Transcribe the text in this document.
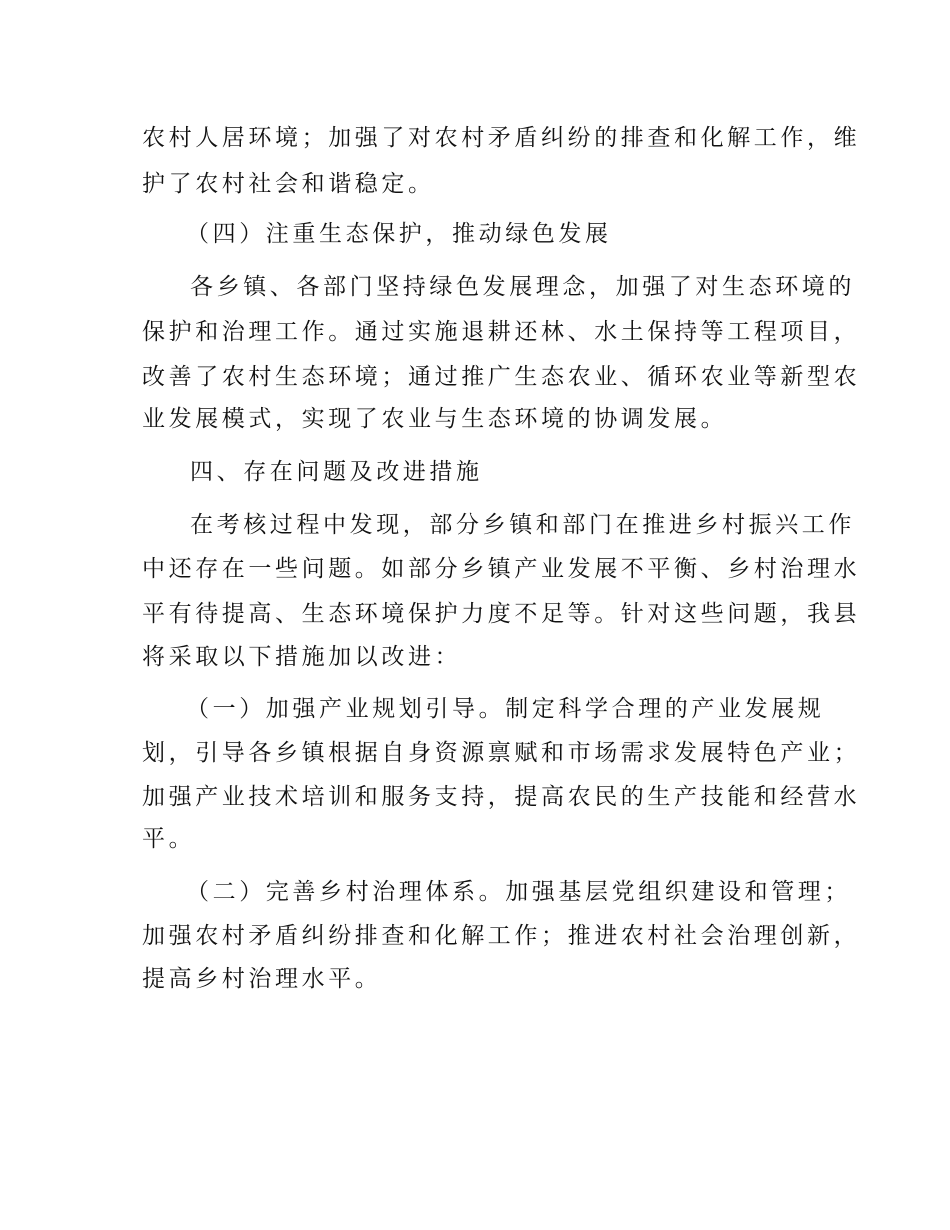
农村人居环境；加强了对农村矛盾纠纷的排查和化解工作，维
护了农村社会和谐稳定。
（四）注重生态保护，推动绿色发展
各乡镇、各部门坚持绿色发展理念，加强了对生态环境的
保护和治理工作。通过实施退耕还林、水土保持等工程项目，
改善了农村生态环境；通过推广生态农业、循环农业等新型农
业发展模式，实现了农业与生态环境的协调发展。
四、存在问题及改进措施
在考核过程中发现，部分乡镇和部门在推进乡村振兴工作
中还存在一些问题。如部分乡镇产业发展不平衡、乡村治理水
平有待提高、生态环境保护力度不足等。针对这些问题，我县
将采取以下措施加以改进：
（一）加强产业规划引导。制定科学合理的产业发展规
划，引导各乡镇根据自身资源禀赋和市场需求发展特色产业；
加强产业技术培训和服务支持，提高农民的生产技能和经营水
平。
（二）完善乡村治理体系。加强基层党组织建设和管理；
加强农村矛盾纠纷排查和化解工作；推进农村社会治理创新，
提高乡村治理水平。
